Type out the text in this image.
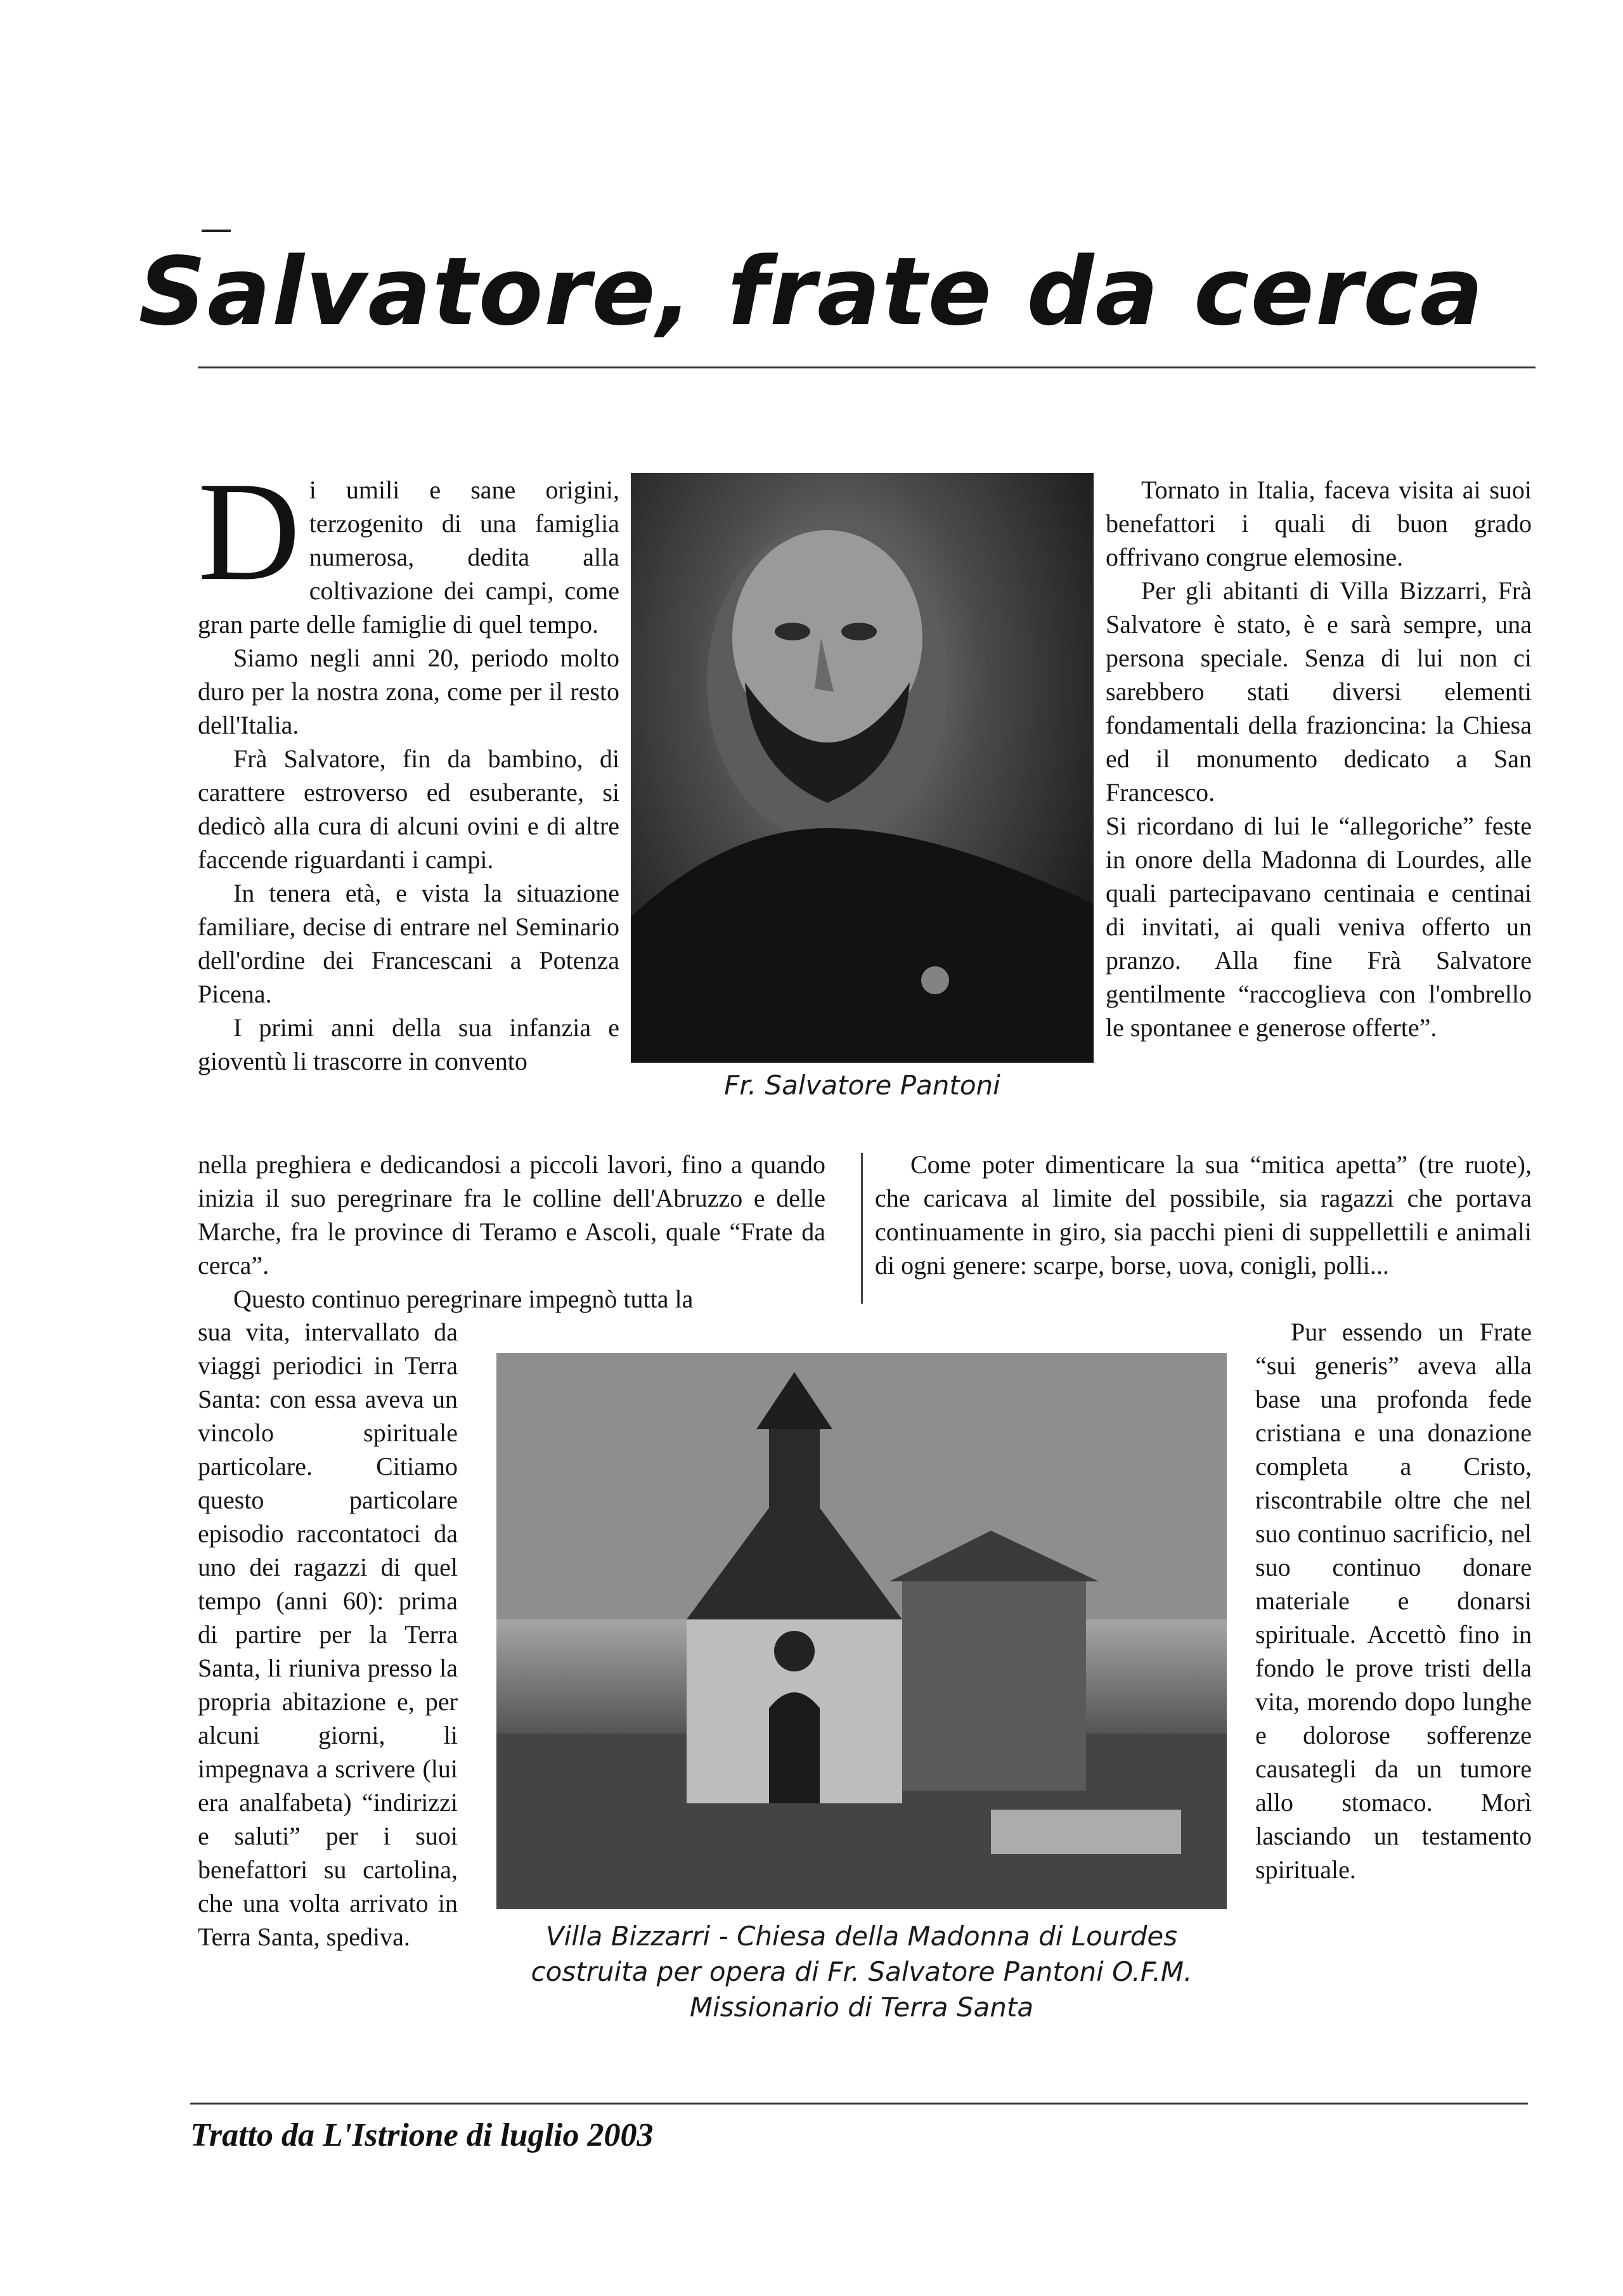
Salvatore, frate da cerca

D i umili e sane origini, terzogenito di una famiglia numerosa, dedita alla coltivazione dei campi, come gran parte delle famiglie di quel tempo.

Siamo negli anni 20, periodo molto duro per la nostra zona, come per il resto dell'Italia.

Frà Salvatore, fin da bambino, di carattere estroverso ed esuberante, si dedicò alla cura di alcuni ovini e di altre faccende riguardanti i campi.

In tenera età, e vista la situazione familiare, decise di entrare nel Seminario dell'ordine dei Francescani a Potenza Picena.

I primi anni della sua infanzia e gioventù li trascorre in convento

Fr. Salvatore Pantoni

nella preghiera e dedicandosi a piccoli lavori, fino a quando inizia il suo peregrinare fra le colline dell'Abruzzo e delle Marche, fra le province di Teramo e Ascoli, quale “Frate da cerca”.

Questo continuo peregrinare impegnò tutta la

sua vita, intervallato da viaggi periodici in Terra Santa: con essa aveva un vincolo spirituale particolare. Citiamo questo particolare episodio raccontatoci da uno dei ragazzi di quel tempo (anni 60): prima di partire per la Terra Santa, li riuniva presso la propria abitazione e, per alcuni giorni, li impegnava a scrivere (lui era analfabeta) “indirizzi e saluti” per i suoi benefattori su cartolina, che una volta arrivato in Terra Santa, spediva.	Villa Bizzarri - Chiesa della Madonna di Lourdes
costruita per opera di Fr. Salvatore Pantoni O.F.M.
Missionario di Terra Santa

Tornato in Italia, faceva visita ai suoi benefattori i quali di buon grado offrivano congrue elemosine.

Per gli abitanti di Villa Bizzarri, Frà Salvatore è stato, è e sarà sempre, una persona speciale. Senza di lui non ci sarebbero stati diversi elementi fondamentali della frazioncina: la Chiesa ed il monumento dedicato a San Francesco.

Si ricordano di lui le “allegoriche” feste in onore della Madonna di Lourdes, alle quali partecipavano centinaia e centinai di invitati, ai quali veniva offerto un pranzo. Alla fine Frà Salvatore gentilmente “raccoglieva con l'ombrello le spontanee e generose offerte”.

Come poter dimenticare la sua “mitica apetta” (tre ruote), che caricava al limite del possibile, sia ragazzi che portava continuamente in giro, sia pacchi pieni di suppellettili e animali di ogni genere: scarpe, borse, uova, conigli, polli...

Pur essendo un Frate “sui generis” aveva alla base una profonda fede cristiana e una donazione completa a Cristo, riscontrabile oltre che nel suo continuo sacrificio, nel suo continuo donare materiale e donarsi spirituale. Accettò fino in fondo le prove tristi della vita, morendo dopo lunghe e dolorose sofferenze causategli da un tumore allo stomaco. Morì lasciando un testamento spirituale.

Tratto da L'Istrione di luglio 2003
